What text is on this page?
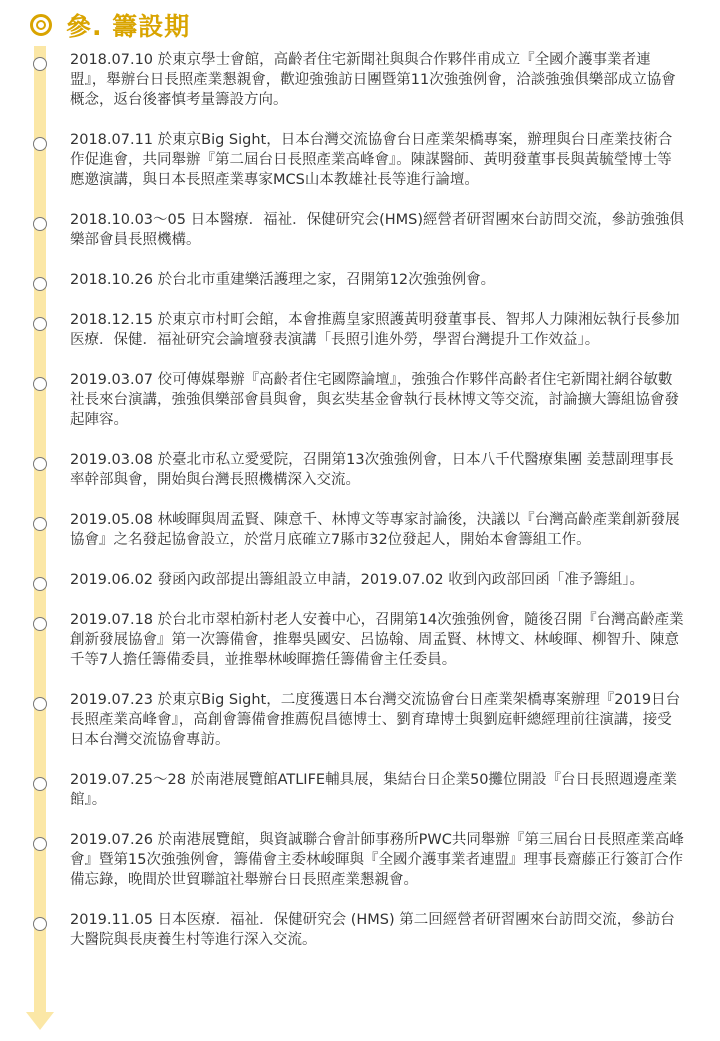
參. 籌設期

2018.07.10 於東京學士會館，高齡者住宅新聞社與與合作夥伴甫成立『全國介護事業者連盟』，舉辦台日長照產業懇親會，歡迎強強訪日團暨第11次強強例會，洽談強強俱樂部成立協會概念，返台後審慎考量籌設方向。

2018.07.11 於東京Big Sight，日本台灣交流協會台日產業架橋專案，辦理與台日產業技術合作促進會，共同舉辦『第二屆台日長照產業高峰會』。陳謀醫師、黃明發董事長與黃毓瑩博士等應邀演講，與日本長照產業專家MCS山本教雄社長等進行論壇。

2018.10.03～05 日本醫療．福祉．保健研究会(HMS)經營者研習團來台訪問交流，參訪強強俱樂部會員長照機構。

2018.10.26 於台北市重建樂活護理之家，召開第12次強強例會。

2018.12.15 於東京市村町会館，本會推薦皇家照護黃明發董事長、智邦人力陳湘妘執行長參加医療．保健．福祉研究会論壇發表演講「長照引進外勞，學習台灣提升工作效益」。

2019.03.07 佼可傳媒舉辦『高齡者住宅國際論壇』，強強合作夥伴高齡者住宅新聞社網谷敏數社長來台演講，強強俱樂部會員與會，與玄奘基金會執行長林博文等交流，討論擴大籌組協會發起陣容。

2019.03.08 於臺北市私立愛愛院，召開第13次強強例會，日本八千代醫療集團 姜慧副理事長率幹部與會，開始與台灣長照機構深入交流。

2019.05.08 林峻暉與周孟賢、陳意千、林博文等專家討論後，決議以『台灣高齡產業創新發展協會』之名發起協會設立，於當月底確立7縣市32位發起人，開始本會籌組工作。

2019.06.02 發函內政部提出籌組設立申請，2019.07.02 收到內政部回函「准予籌組」。

2019.07.18 於台北市翠柏新村老人安養中心，召開第14次強強例會，隨後召開『台灣高齡產業創新發展協會』第一次籌備會，推舉吳國安、呂協翰、周孟賢、林博文、林峻暉、柳智升、陳意千等7人擔任籌備委員，並推舉林峻暉擔任籌備會主任委員。

2019.07.23 於東京Big Sight，二度獲選日本台灣交流協會台日產業架橋專案辦理『2019日台長照產業高峰會』，高創會籌備會推薦倪昌德博士、劉育瑋博士與劉庭軒總經理前往演講，接受日本台灣交流協會專訪。

2019.07.25～28 於南港展覽館ATLIFE輔具展，集結台日企業50攤位開設『台日長照週邊產業館』。

2019.07.26 於南港展覽館，與資誠聯合會計師事務所PWC共同舉辦『第三屆台日長照產業高峰會』暨第15次強強例會，籌備會主委林峻暉與『全國介護事業者連盟』理事長齋藤正行簽訂合作備忘錄，晚間於世貿聯誼社舉辦台日長照產業懇親會。

2019.11.05 日本医療．福祉．保健研究会 (HMS) 第二回經營者研習團來台訪問交流，參訪台大醫院與長庚養生村等進行深入交流。
